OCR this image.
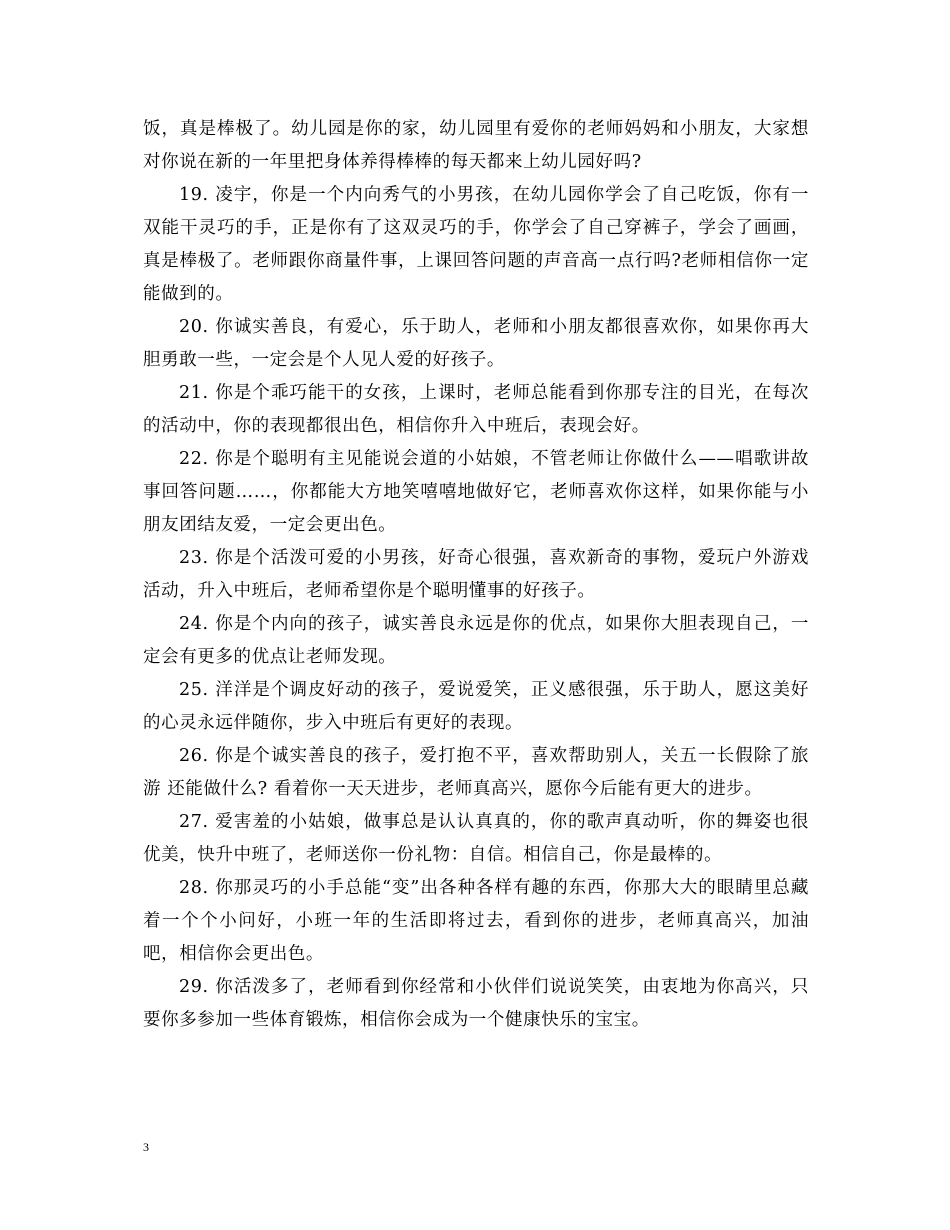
饭，真是棒极了。幼儿园是你的家，幼儿园里有爱你的老师妈妈和小朋友，大家想对你说在新的一年里把身体养得棒棒的每天都来上幼儿园好吗?

19. 凌宇，你是一个内向秀气的小男孩，在幼儿园你学会了自己吃饭，你有一双能干灵巧的手，正是你有了这双灵巧的手，你学会了自己穿裤子，学会了画画，真是棒极了。老师跟你商量件事，上课回答问题的声音高一点行吗?老师相信你一定能做到的。

20. 你诚实善良，有爱心，乐于助人，老师和小朋友都很喜欢你，如果你再大胆勇敢一些，一定会是个人见人爱的好孩子。

21. 你是个乖巧能干的女孩，上课时，老师总能看到你那专注的目光，在每次的活动中，你的表现都很出色，相信你升入中班后，表现会好。

22. 你是个聪明有主见能说会道的小姑娘，不管老师让你做什么——唱歌讲故事回答问题……，你都能大方地笑嘻嘻地做好它，老师喜欢你这样，如果你能与小朋友团结友爱，一定会更出色。

23. 你是个活泼可爱的小男孩，好奇心很强，喜欢新奇的事物，爱玩户外游戏活动，升入中班后，老师希望你是个聪明懂事的好孩子。

24. 你是个内向的孩子，诚实善良永远是你的优点，如果你大胆表现自己，一定会有更多的优点让老师发现。

25. 洋洋是个调皮好动的孩子，爱说爱笑，正义感很强，乐于助人，愿这美好的心灵永远伴随你，步入中班后有更好的表现。

26. 你是个诚实善良的孩子，爱打抱不平，喜欢帮助别人，关五一长假除了旅游 还能做什么? 看着你一天天进步，老师真高兴，愿你今后能有更大的进步。

27. 爱害羞的小姑娘，做事总是认认真真的，你的歌声真动听，你的舞姿也很优美，快升中班了，老师送你一份礼物：自信。相信自己，你是最棒的。

28. 你那灵巧的小手总能“变”出各种各样有趣的东西，你那大大的眼睛里总藏着一个个小问好，小班一年的生活即将过去，看到你的进步，老师真高兴，加油吧，相信你会更出色。

29. 你活泼多了，老师看到你经常和小伙伴们说说笑笑，由衷地为你高兴，只要你多参加一些体育锻炼，相信你会成为一个健康快乐的宝宝。

3
